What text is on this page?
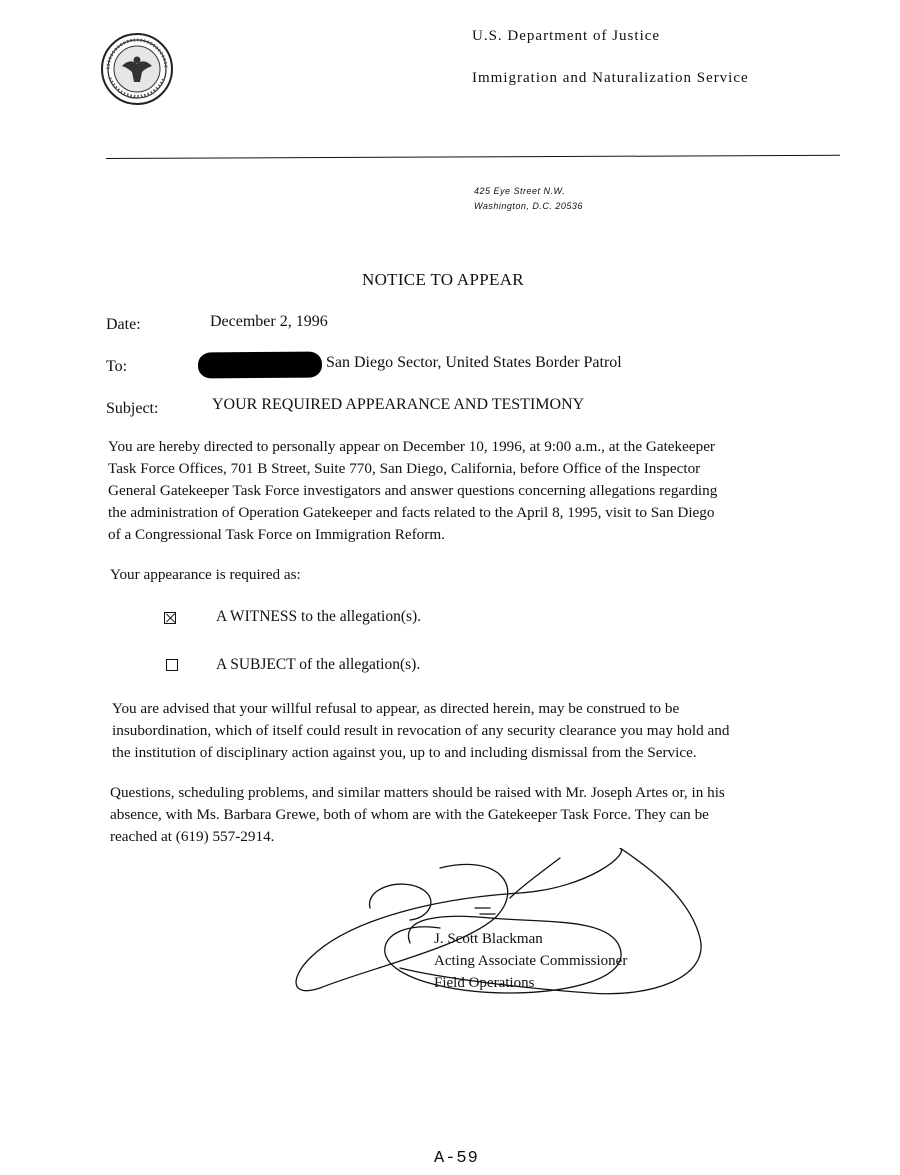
U.S. Department of Justice
Immigration and Naturalization Service
425 Eye Street N.W.
Washington, D.C. 20536
NOTICE TO APPEAR
Date:	December 2, 1996
To:	San Diego Sector, United States Border Patrol
Subject:	YOUR REQUIRED APPEARANCE AND TESTIMONY
You are hereby directed to personally appear on December 10, 1996, at 9:00 a.m., at the Gatekeeper
Task Force Offices, 701 B Street, Suite 770, San Diego, California, before Office of the Inspector
General Gatekeeper Task Force investigators and answer questions concerning allegations regarding
the administration of Operation Gatekeeper and facts related to the April 8, 1995, visit to San Diego
of a Congressional Task Force on Immigration Reform.
Your appearance is required as:
A WITNESS to the allegation(s).
A SUBJECT of the allegation(s).
You are advised that your willful refusal to appear, as directed herein, may be construed to be
insubordination, which of itself could result in revocation of any security clearance you may hold and
the institution of disciplinary action against you, up to and including dismissal from the Service.
Questions, scheduling problems, and similar matters should be raised with Mr. Joseph Artes or, in his
absence, with Ms. Barbara Grewe, both of whom are with the Gatekeeper Task Force. They can be
reached at (619) 557-2914.
J. Scott Blackman
Acting Associate Commissioner
Field Operations
A-59
